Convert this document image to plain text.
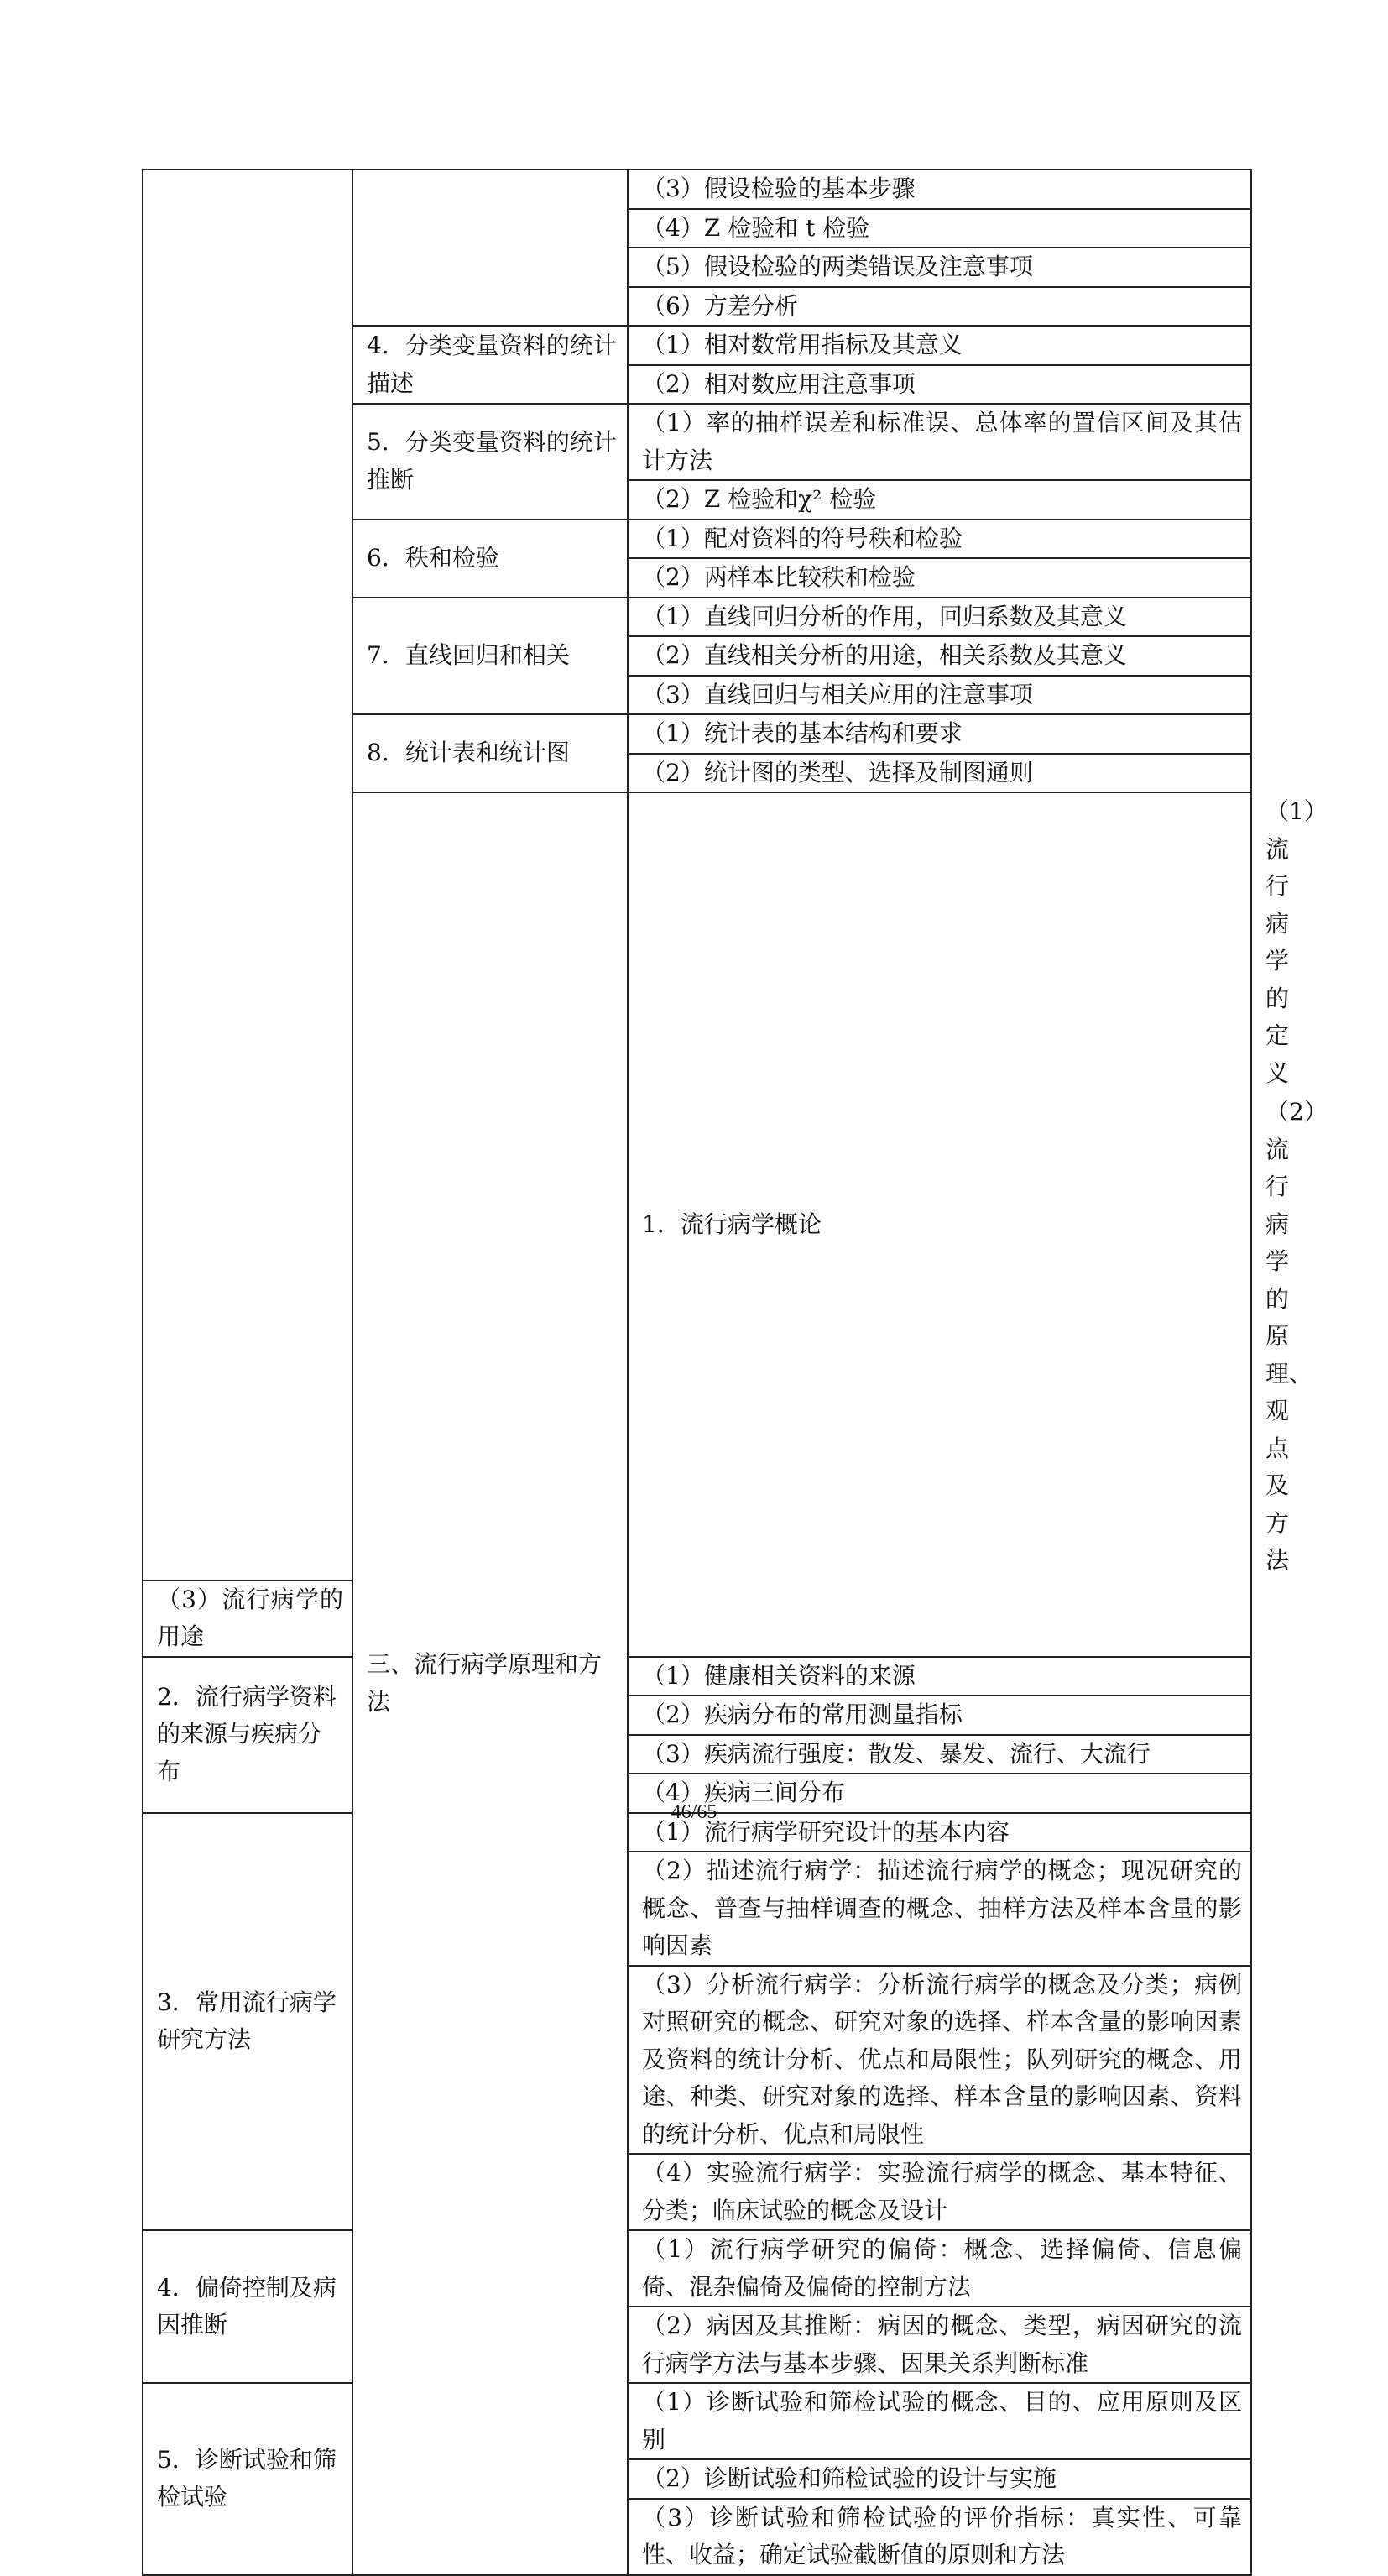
		（3）假设检验的基本步骤	
		（4）Z 检验和 t 检验	
		（5）假设检验的两类错误及注意事项	
		（6）方差分析	
	4．分类变量资料的统计描述	（1）相对数常用指标及其意义	
		（2）相对数应用注意事项	
	5．分类变量资料的统计推断	（1）率的抽样误差和标准误、总体率的置信区间及其估计方法	
		（2）Z 检验和χ² 检验	
	6．秩和检验	（1）配对资料的符号秩和检验	
		（2）两样本比较秩和检验	
	7．直线回归和相关	（1）直线回归分析的作用，回归系数及其意义	
		（2）直线相关分析的用途，相关系数及其意义	
		（3）直线回归与相关应用的注意事项	
	8．统计表和统计图	（1）统计表的基本结构和要求	
		（2）统计图的类型、选择及制图通则	
	三、流行病学原理和方法	1．流行病学概论	（1）流行病学的定义
			（2）流行病学的原理、观点及方法
（3）流行病学的用途			
2．流行病学资料的来源与疾病分布		（1）健康相关资料的来源	
		（2）疾病分布的常用测量指标	
		（3）疾病流行强度：散发、暴发、流行、大流行	
		（4）疾病三间分布	
3．常用流行病学研究方法		（1）流行病学研究设计的基本内容	
		（2）描述流行病学：描述流行病学的概念；现况研究的概念、普查与抽样调查的概念、抽样方法及样本含量的影响因素	
		（3）分析流行病学：分析流行病学的概念及分类；病例对照研究的概念、研究对象的选择、样本含量的影响因素及资料的统计分析、优点和局限性；队列研究的概念、用途、种类、研究对象的选择、样本含量的影响因素、资料的统计分析、优点和局限性	
		（4）实验流行病学：实验流行病学的概念、基本特征、分类；临床试验的概念及设计	
4．偏倚控制及病因推断		（1）流行病学研究的偏倚：概念、选择偏倚、信息偏倚、混杂偏倚及偏倚的控制方法	
		（2）病因及其推断：病因的概念、类型，病因研究的流行病学方法与基本步骤、因果关系判断标准	
5．诊断试验和筛检试验		（1）诊断试验和筛检试验的概念、目的、应用原则及区别	
		（2）诊断试验和筛检试验的设计与实施	
		（3）诊断试验和筛检试验的评价指标：真实性、可靠性、收益；确定试验截断值的原则和方法	
46/65
